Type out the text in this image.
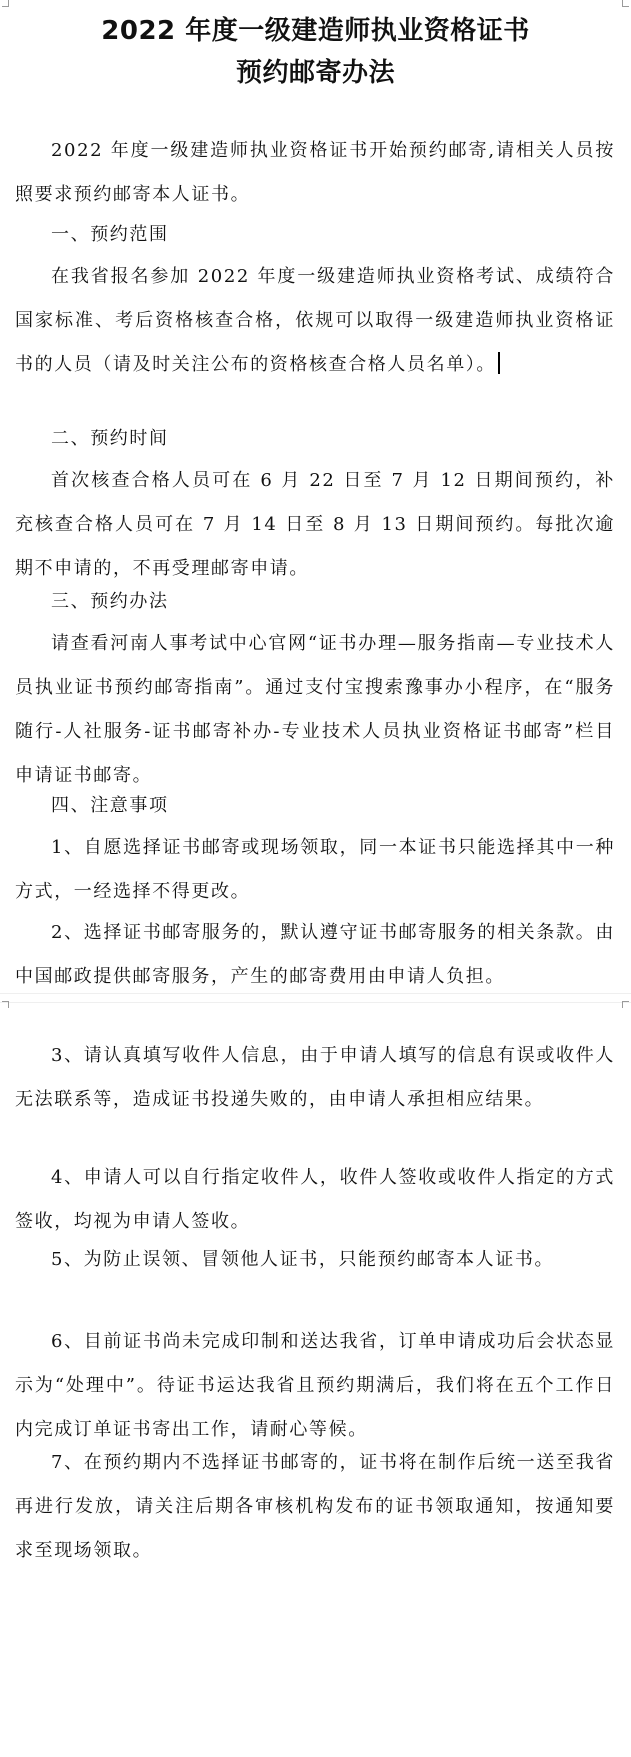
2022 年度一级建造师执业资格证书
预约邮寄办法

2022 年度一级建造师执业资格证书开始预约邮寄,请相关人员按照要求预约邮寄本人证书。

一、预约范围

在我省报名参加 2022 年度一级建造师执业资格考试、成绩符合国家标准、考后资格核查合格，依规可以取得一级建造师执业资格证书的人员（请及时关注公布的资格核查合格人员名单）。

二、预约时间

首次核查合格人员可在 6 月 22 日至 7 月 12 日期间预约，补充核查合格人员可在 7 月 14 日至 8 月 13 日期间预约。每批次逾期不申请的，不再受理邮寄申请。

三、预约办法

请查看河南人事考试中心官网“证书办理—服务指南—专业技术人员执业证书预约邮寄指南”。通过支付宝搜索豫事办小程序，在“服务随行-人社服务-证书邮寄补办-专业技术人员执业资格证书邮寄”栏目申请证书邮寄。

四、注意事项

1、自愿选择证书邮寄或现场领取，同一本证书只能选择其中一种方式，一经选择不得更改。

2、选择证书邮寄服务的，默认遵守证书邮寄服务的相关条款。由中国邮政提供邮寄服务，产生的邮寄费用由申请人负担。

3、请认真填写收件人信息，由于申请人填写的信息有误或收件人无法联系等，造成证书投递失败的，由申请人承担相应结果。

4、申请人可以自行指定收件人，收件人签收或收件人指定的方式签收，均视为申请人签收。

5、为防止误领、冒领他人证书，只能预约邮寄本人证书。

6、目前证书尚未完成印制和送达我省，订单申请成功后会状态显示为“处理中”。待证书运达我省且预约期满后，我们将在五个工作日内完成订单证书寄出工作，请耐心等候。

7、在预约期内不选择证书邮寄的，证书将在制作后统一送至我省再进行发放，请关注后期各审核机构发布的证书领取通知，按通知要求至现场领取。
